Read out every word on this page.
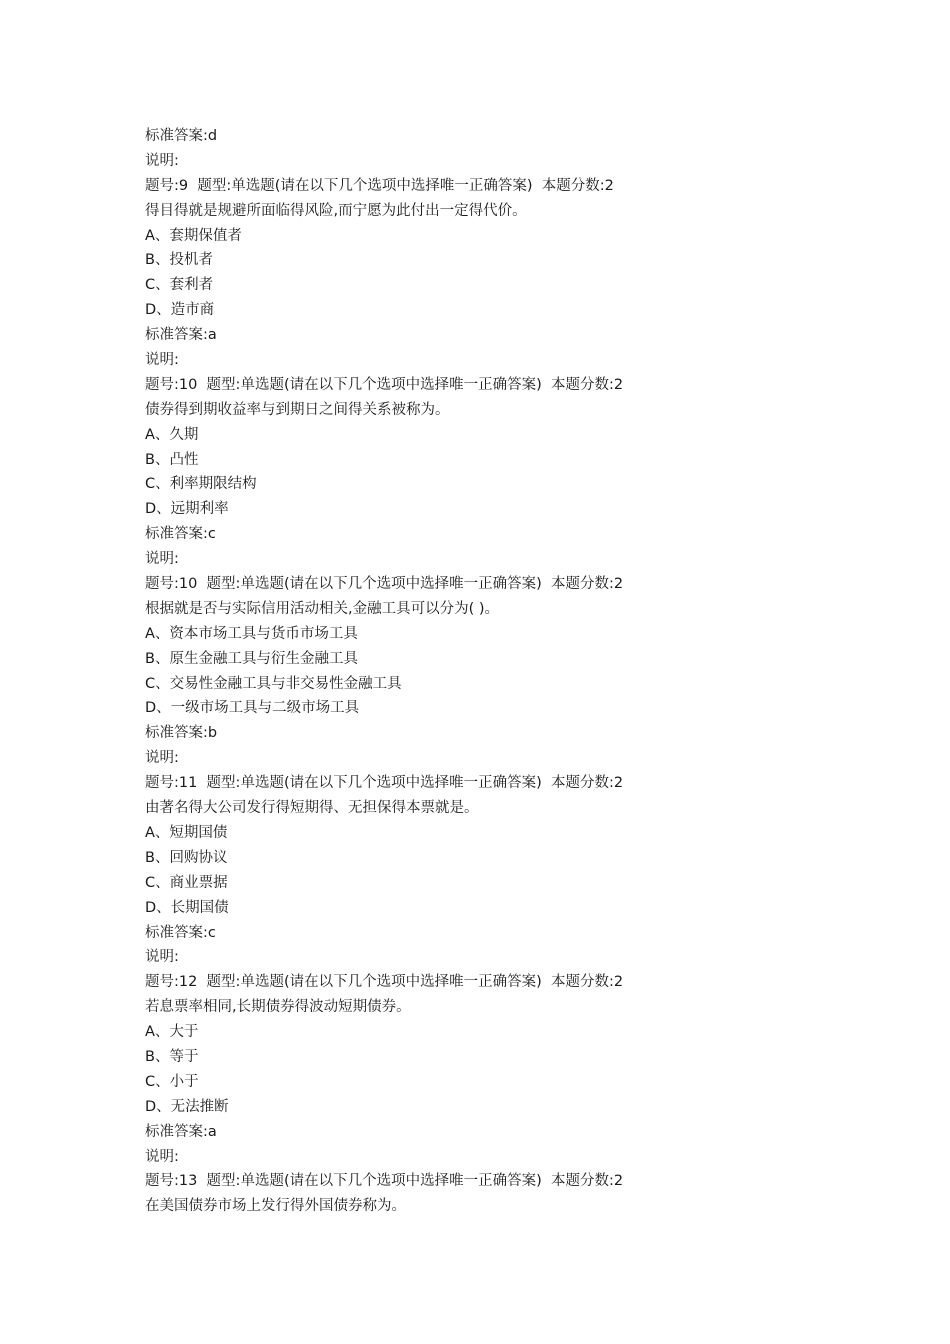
标准答案:d
说明:
题号:9  题型:单选题(请在以下几个选项中选择唯一正确答案)  本题分数:2
得目得就是规避所面临得风险,而宁愿为此付出一定得代价。
A、套期保值者
B、投机者
C、套利者
D、造市商
标准答案:a
说明:
题号:10  题型:单选题(请在以下几个选项中选择唯一正确答案)  本题分数:2
债券得到期收益率与到期日之间得关系被称为。
A、久期
B、凸性
C、利率期限结构
D、远期利率
标准答案:c
说明:
题号:10  题型:单选题(请在以下几个选项中选择唯一正确答案)  本题分数:2
根据就是否与实际信用活动相关,金融工具可以分为( )。
A、资本市场工具与货币市场工具
B、原生金融工具与衍生金融工具
C、交易性金融工具与非交易性金融工具
D、一级市场工具与二级市场工具
标准答案:b
说明:
题号:11  题型:单选题(请在以下几个选项中选择唯一正确答案)  本题分数:2
由著名得大公司发行得短期得、无担保得本票就是。
A、短期国债
B、回购协议
C、商业票据
D、长期国债
标准答案:c
说明:
题号:12  题型:单选题(请在以下几个选项中选择唯一正确答案)  本题分数:2
若息票率相同,长期债券得波动短期债券。
A、大于
B、等于
C、小于
D、无法推断
标准答案:a
说明:
题号:13  题型:单选题(请在以下几个选项中选择唯一正确答案)  本题分数:2
在美国债券市场上发行得外国债券称为。
